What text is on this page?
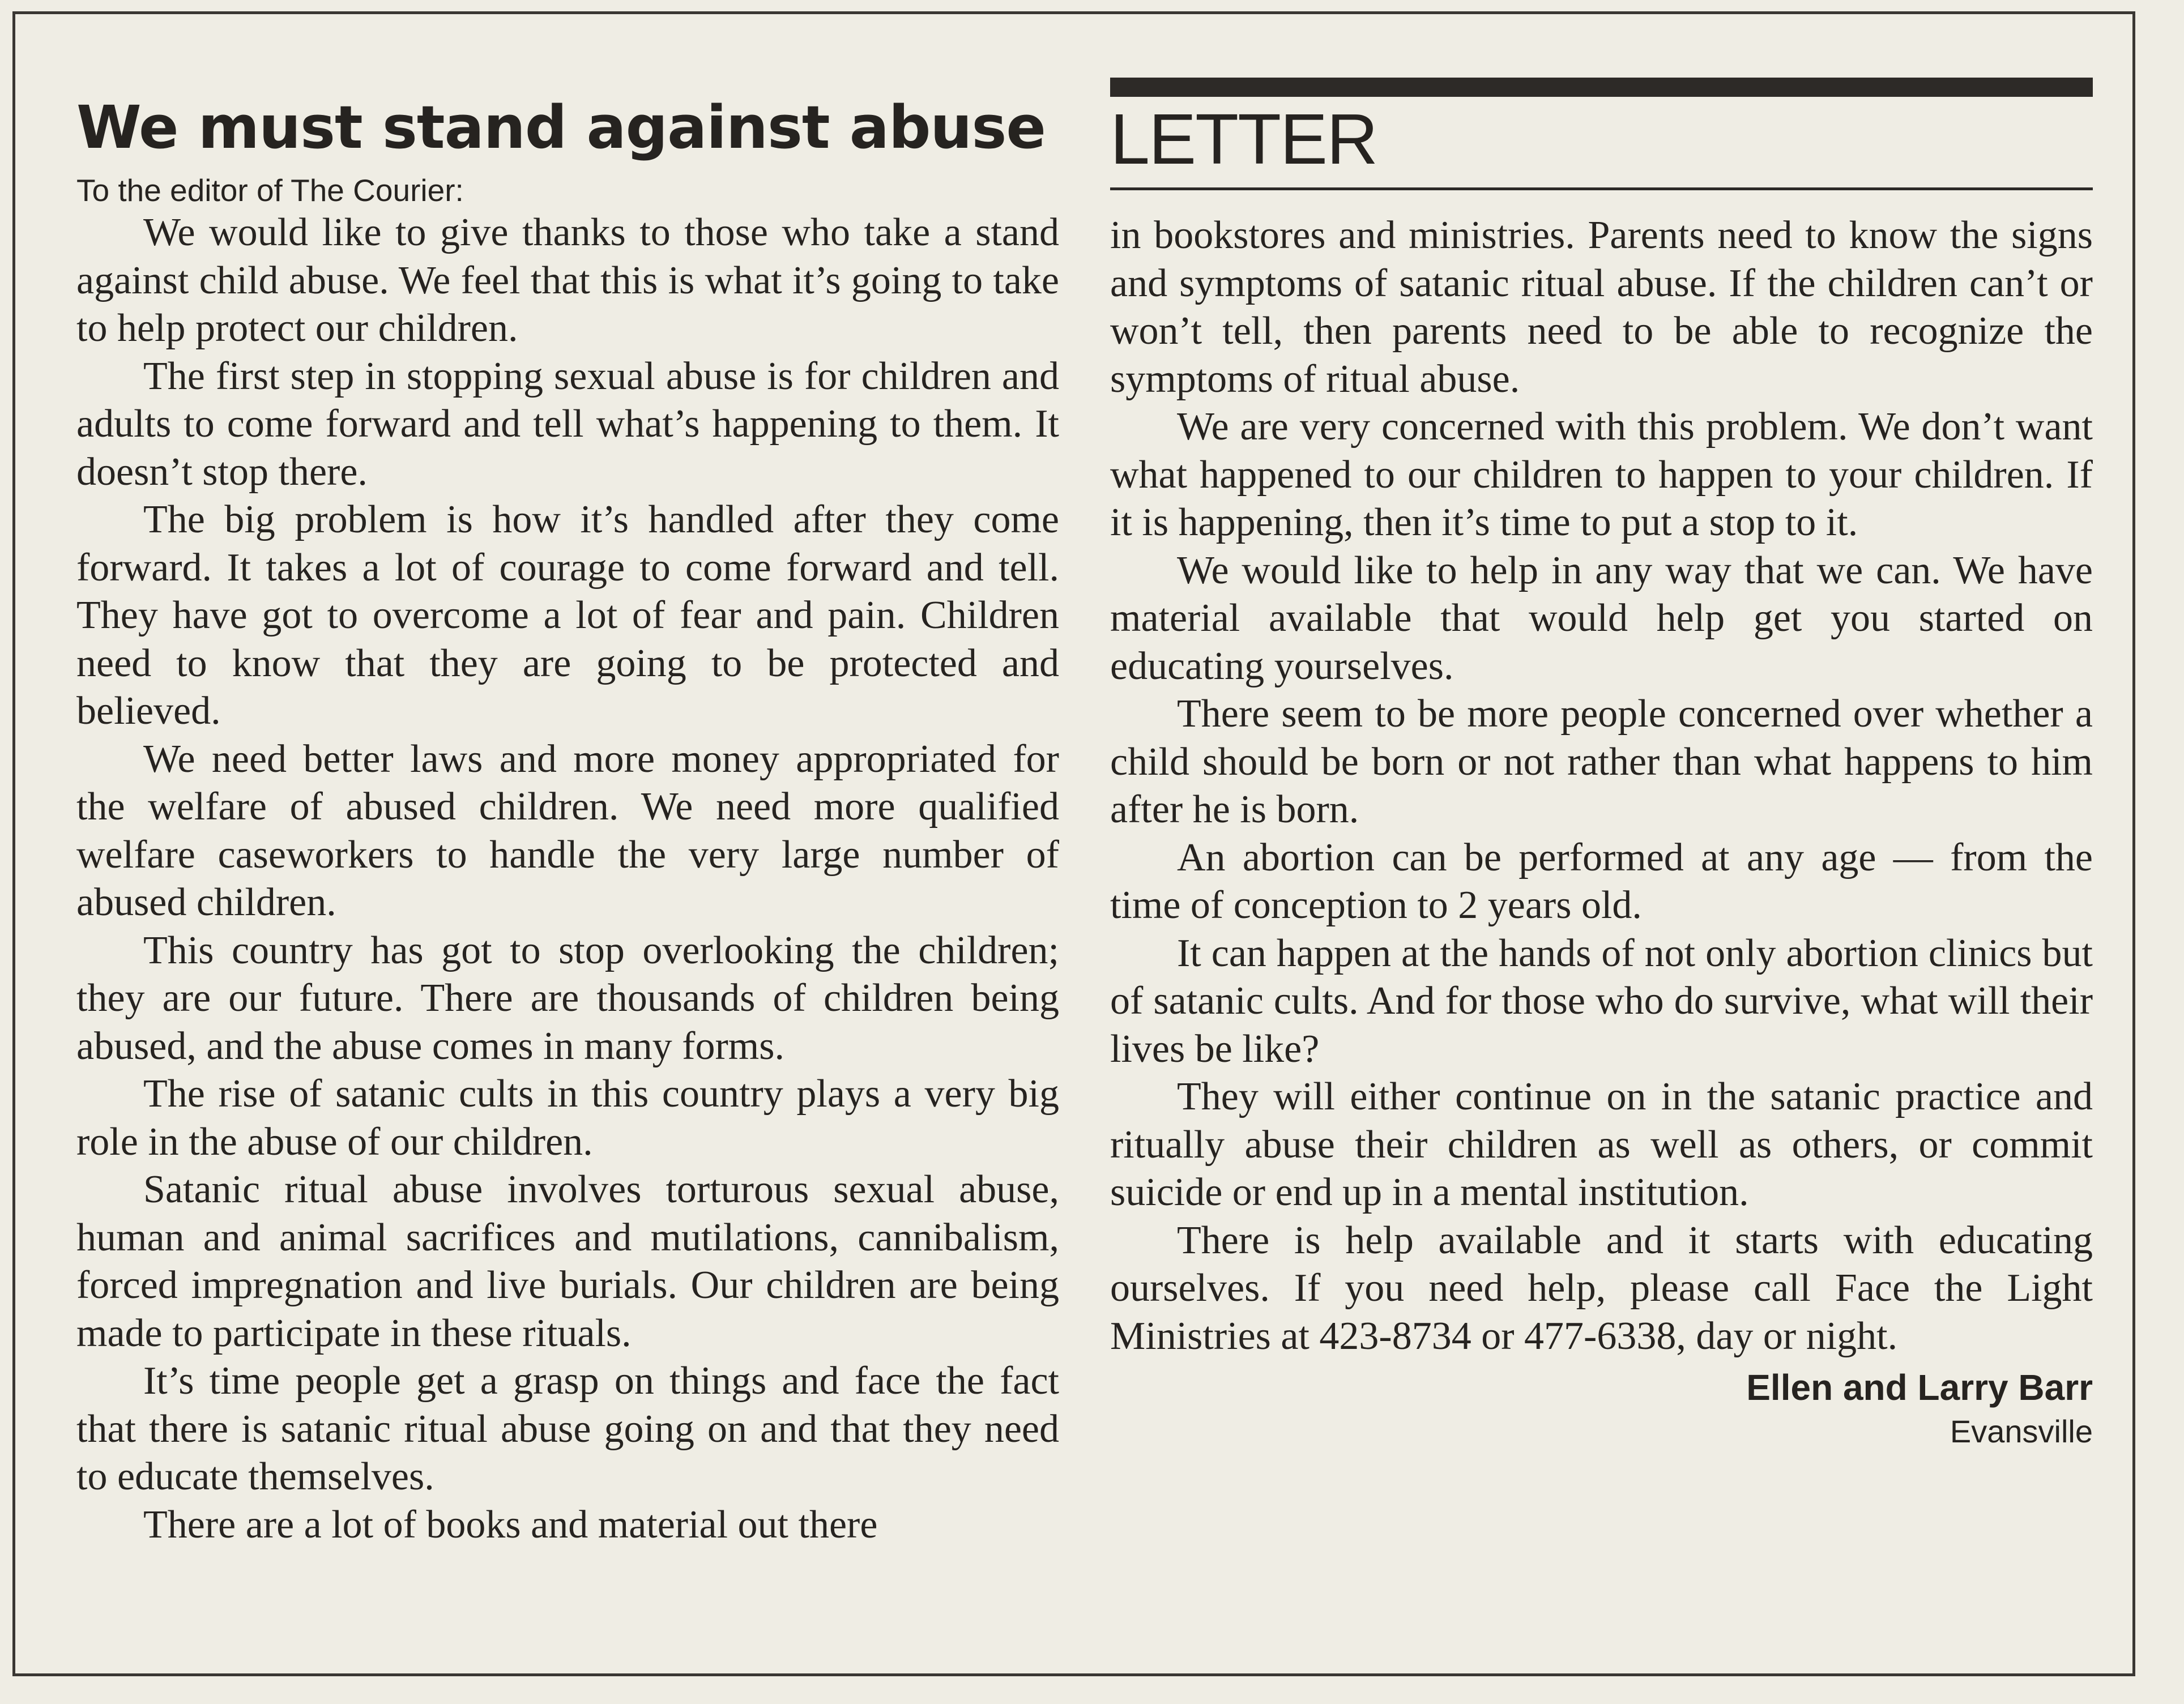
We must stand against abuse
To the editor of The Courier:

We would like to give thanks to those who take a stand against child abuse. We feel that this is what it’s going to take to help protect our children.

The first step in stopping sexual abuse is for children and adults to come forward and tell what’s happening to them. It doesn’t stop there.

The big problem is how it’s handled after they come forward. It takes a lot of courage to come forward and tell. They have got to overcome a lot of fear and pain. Children need to know that they are going to be protected and believed.

We need better laws and more money appropriated for the welfare of abused children. We need more qualified welfare caseworkers to handle the very large number of abused children.

This country has got to stop overlooking the children; they are our future. There are thousands of children being abused, and the abuse comes in many forms.

The rise of satanic cults in this country plays a very big role in the abuse of our children.

Satanic ritual abuse involves torturous sexual abuse, human and animal sacrifices and mutilations, cannibalism, forced impregnation and live burials. Our children are being made to participate in these rituals.

It’s time people get a grasp on things and face the fact that there is satanic ritual abuse going on and that they need to educate themselves.

There are a lot of books and material out there

LETTER

in bookstores and ministries. Parents need to know the signs and symptoms of satanic ritual abuse. If the children can’t or won’t tell, then parents need to be able to recognize the symptoms of ritual abuse.

We are very concerned with this problem. We don’t want what happened to our children to happen to your children. If it is happening, then it’s time to put a stop to it.

We would like to help in any way that we can. We have material available that would help get you started on educating yourselves.

There seem to be more people concerned over whether a child should be born or not rather than what happens to him after he is born.

An abortion can be performed at any age — from the time of conception to 2 years old.

It can happen at the hands of not only abortion clinics but of satanic cults. And for those who do survive, what will their lives be like?

They will either continue on in the satanic practice and ritually abuse their children as well as others, or commit suicide or end up in a mental institution.

There is help available and it starts with educating ourselves. If you need help, please call Face the Light Ministries at 423-8734 or 477-6338, day or night.

Ellen and Larry Barr
Evansville
